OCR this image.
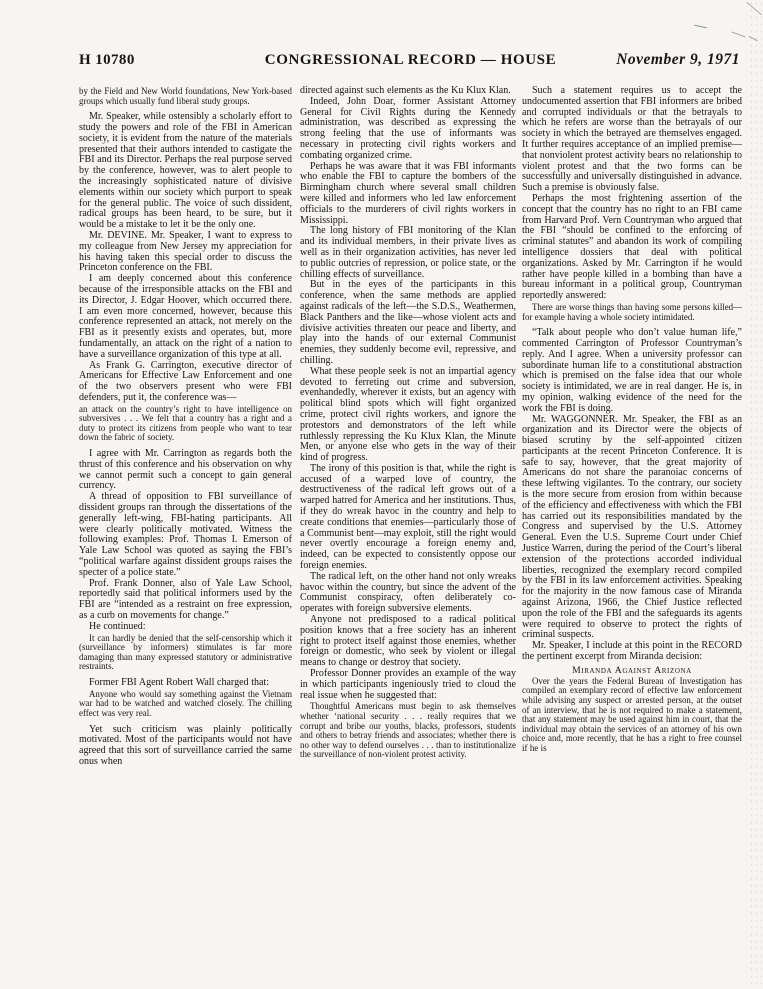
H 10780	CONGRESSIONAL RECORD — HOUSE	November 9, 1971

by the Field and New World foundations, New York-based groups which usually fund liberal study groups.

Mr. Speaker, while ostensibly a scholarly effort to study the powers and role of the FBI in American society, it is evident from the nature of the materials presented that their authors intended to castigate the FBI and its Director. Perhaps the real purpose served by the conference, however, was to alert people to the increasingly sophisticated nature of divisive elements within our society which purport to speak for the general public. The voice of such dissident, radical groups has been heard, to be sure, but it would be a mistake to let it be the only one.

Mr. DEVINE. Mr. Speaker, I want to express to my colleague from New Jersey my appreciation for his having taken this special order to discuss the Princeton conference on the FBI.

I am deeply concerned about this conference because of the irresponsible attacks on the FBI and its Director, J. Edgar Hoover, which occurred there. I am even more concerned, however, because this conference represented an attack, not merely on the FBI as it presently exists and operates, but, more fundamentally, an attack on the right of a nation to have a surveillance organization of this type at all.

As Frank G. Carrington, executive director of Americans for Effective Law Enforcement and one of the two observers present who were FBI defenders, put it, the conference was—

an attack on the country’s right to have intelligence on subversives . . . We felt that a country has a right and a duty to protect its citizens from people who want to tear down the fabric of society.

I agree with Mr. Carrington as regards both the thrust of this conference and his observation on why we cannot permit such a concept to gain general currency.

A thread of opposition to FBI surveillance of dissident groups ran through the dissertations of the generally left-wing, FBI-hating participants. All were clearly politically motivated. Witness the following examples: Prof. Thomas I. Emerson of Yale Law School was quoted as saying the FBI’s “political warfare against dissident groups raises the specter of a police state.”

Prof. Frank Donner, also of Yale Law School, reportedly said that political informers used by the FBI are “intended as a restraint on free expression, as a curb on movements for change.”

He continued:

It can hardly be denied that the self-censorship which it (surveillance by informers) stimulates is far more damaging than many expressed statutory or administrative restraints.

Former FBI Agent Robert Wall charged that:

Anyone who would say something against the Vietnam war had to be watched and watched closely. The chilling effect was very real.

Yet such criticism was plainly politically motivated. Most of the participants would not have agreed that this sort of surveillance carried the same onus when

directed against such elements as the Ku Klux Klan.

Indeed, John Doar, former Assistant Attorney General for Civil Rights during the Kennedy administration, was described as expressing the strong feeling that the use of informants was necessary in protecting civil rights workers and combating organized crime.

Perhaps he was aware that it was FBI informants who enable the FBI to capture the bombers of the Birmingham church where several small children were killed and informers who led law enforcement officials to the murderers of civil rights workers in Mississippi.

The long history of FBI monitoring of the Klan and its individual members, in their private lives as well as in their organization activities, has never led to public outcries of repression, or police state, or the chilling effects of surveillance.

But in the eyes of the participants in this conference, when the same methods are applied against radicals of the left—the S.D.S., Weathermen, Black Panthers and the like—whose violent acts and divisive activities threaten our peace and liberty, and play into the hands of our external Communist enemies, they suddenly become evil, repressive, and chilling.

What these people seek is not an impartial agency devoted to ferreting out crime and subversion, evenhandedly, wherever it exists, but an agency with political blind spots which will fight organized crime, protect civil rights workers, and ignore the protestors and demonstrators of the left while ruthlessly repressing the Ku Klux Klan, the Minute Men, or anyone else who gets in the way of their kind of progress.

The irony of this position is that, while the right is accused of a warped love of country, the destructiveness of the radical left grows out of a warped hatred for America and her institutions. Thus, if they do wreak havoc in the country and help to create conditions that enemies—particularly those of a Communist bent—may exploit, still the right would never overtly encourage a foreign enemy and, indeed, can be expected to consistently oppose our foreign enemies.

The radical left, on the other hand not only wreaks havoc within the country, but since the advent of the Communist conspiracy, often deliberately co-operates with foreign subversive elements.

Anyone not predisposed to a radical political position knows that a free society has an inherent right to protect itself against those enemies, whether foreign or domestic, who seek by violent or illegal means to change or destroy that society.

Professor Donner provides an example of the way in which participants ingeniously tried to cloud the real issue when he suggested that:

Thoughtful Americans must begin to ask themselves whether ‘national security . . . really requires that we corrupt and bribe our youths, blacks, professors, students and others to betray friends and associates; whether there is no other way to defend ourselves . . . than to institutionalize the surveillance of non-violent protest activity.

Such a statement requires us to accept the undocumented assertion that FBI informers are bribed and corrupted individuals or that the betrayals to which he refers are worse than the betrayals of our society in which the betrayed are themselves engaged. It further requires acceptance of an implied premise—that nonviolent protest activity bears no relationship to violent protest and that the two forms can be successfully and universally distinguished in advance. Such a premise is obviously false.

Perhaps the most frightening assertion of the concept that the country has no right to an FBI came from Harvard Prof. Vern Countryman who argued that the FBI “should be confined to the enforcing of criminal statutes” and abandon its work of compiling intelligence dossiers that deal with political organizations. Asked by Mr. Carrington if he would rather have people killed in a bombing than have a bureau informant in a political group, Countryman reportedly answered:

There are worse things than having some persons killed—for example having a whole society intimidated.

“Talk about people who don’t value human life,” commented Carrington of Professor Countryman’s reply. And I agree. When a university professor can subordinate human life to a constitutional abstraction which is premised on the false idea that our whole society is intimidated, we are in real danger. He is, in my opinion, walking evidence of the need for the work the FBI is doing.

Mr. WAGGONNER. Mr. Speaker, the FBI as an organization and its Director were the objects of biased scrutiny by the self-appointed citizen participants at the recent Princeton Conference. It is safe to say, however, that the great majority of Americans do not share the paranoiac concerns of these leftwing vigilantes. To the contrary, our society is the more secure from erosion from within because of the efficiency and effectiveness with which the FBI has carried out its responsibilities mandated by the Congress and supervised by the U.S. Attorney General. Even the U.S. Supreme Court under Chief Justice Warren, during the period of the Court’s liberal extension of the protections accorded individual liberties, recognized the exemplary record compiled by the FBI in its law enforcement activities. Speaking for the majority in the now famous case of Miranda against Arizona, 1966, the Chief Justice reflected upon the role of the FBI and the safeguards its agents were required to observe to protect the rights of criminal suspects.

Mr. Speaker, I include at this point in the RECORD the pertinent excerpt from Miranda decision:

Miranda Against Arizona

Over the years the Federal Bureau of Investigation has compiled an exemplary record of effective law enforcement while advising any suspect or arrested person, at the outset of an interview, that he is not required to make a statement, that any statement may be used against him in court, that the individual may obtain the services of an attorney of his own choice and, more recently, that he has a right to free counsel if he is
